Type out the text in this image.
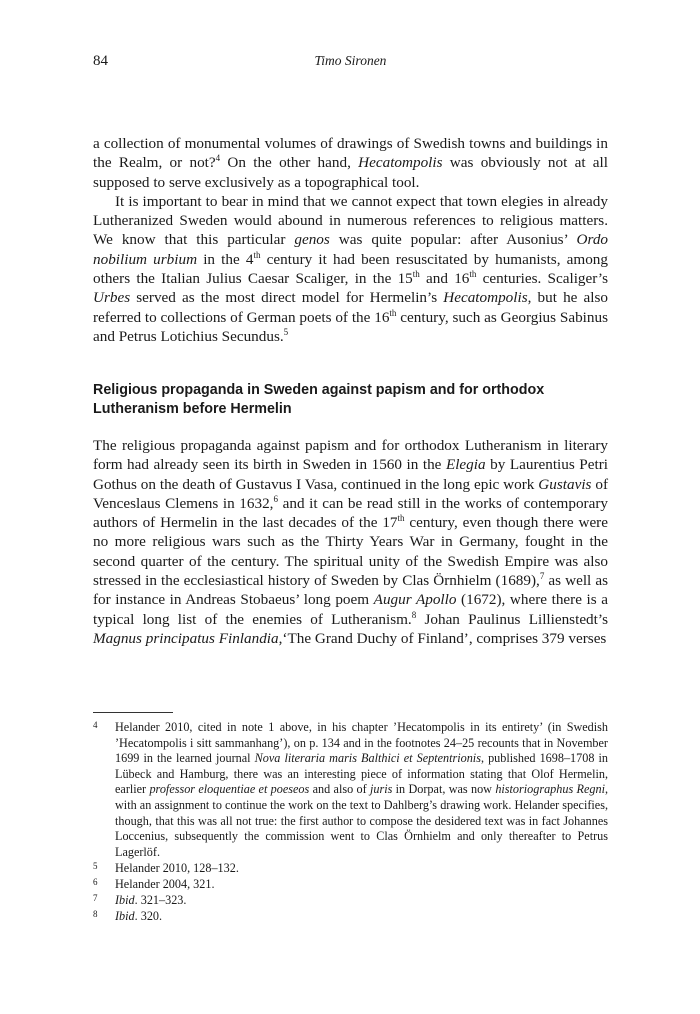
84	Timo Sironen

a collection of monumental volumes of drawings of Swedish towns and buildings in the Realm, or not?$^4$ On the other hand, Hecatompolis was obviously not at all supposed to serve exclusively as a topographical tool.

It is important to bear in mind that we cannot expect that town elegies in already Lutheranized Sweden would abound in numerous references to religious matters. We know that this particular genos was quite popular: after Ausonius’ Ordo nobilium urbium in the 4th century it had been resuscitated by humanists, among others the Italian Julius Caesar Scaliger, in the 15th and 16th centuries. Scaliger’s Urbes served as the most direct model for Hermelin’s Hecatompolis, but he also referred to collections of German poets of the 16th century, such as Georgius Sabinus and Petrus Lotichius Secundus.$^5$

Religious propaganda in Sweden against papism and for orthodox Lutheranism before Hermelin

The religious propaganda against papism and for orthodox Lutheranism in literary form had already seen its birth in Sweden in 1560 in the Elegia by Laurentius Petri Gothus on the death of Gustavus I Vasa, continued in the long epic work Gustavis of Venceslaus Clemens in 1632,$^6$ and it can be read still in the works of contemporary authors of Hermelin in the last decades of the 17th century, even though there were no more religious wars such as the Thirty Years War in Germany, fought in the second quarter of the century. The spiritual unity of the Swedish Empire was also stressed in the ecclesiastical history of Sweden by Clas Örnhielm (1689),$^7$ as well as for instance in Andreas Stobaeus’ long poem Augur Apollo (1672), where there is a typical long list of the enemies of Lutheranism.$^8$ Johan Paulinus Lillienstedt’s Magnus principatus Finlandia,‘The Grand Duchy of Finland’, comprises 379 verses

4 Helander 2010, cited in note 1 above, in his chapter ’Hecatompolis in its entirety’ (in Swedish ’Hecatompolis i sitt sammanhang’), on p. 134 and in the footnotes 24–25 recounts that in November 1699 in the learned journal Nova literaria maris Balthici et Septentrionis, published 1698–1708 in Lübeck and Hamburg, there was an interesting piece of information stating that Olof Hermelin, earlier professor eloquentiae et poeseos and also of juris in Dorpat, was now historiographus Regni, with an assignment to continue the work on the text to Dahlberg’s drawing work. Helander specifies, though, that this was all not true: the first author to compose the desidered text was in fact Johannes Loccenius, subsequently the commission went to Clas Örnhielm and only thereafter to Petrus Lagerlöf.
5 Helander 2010, 128–132.
6 Helander 2004, 321.
7 Ibid. 321–323.
8 Ibid. 320.
